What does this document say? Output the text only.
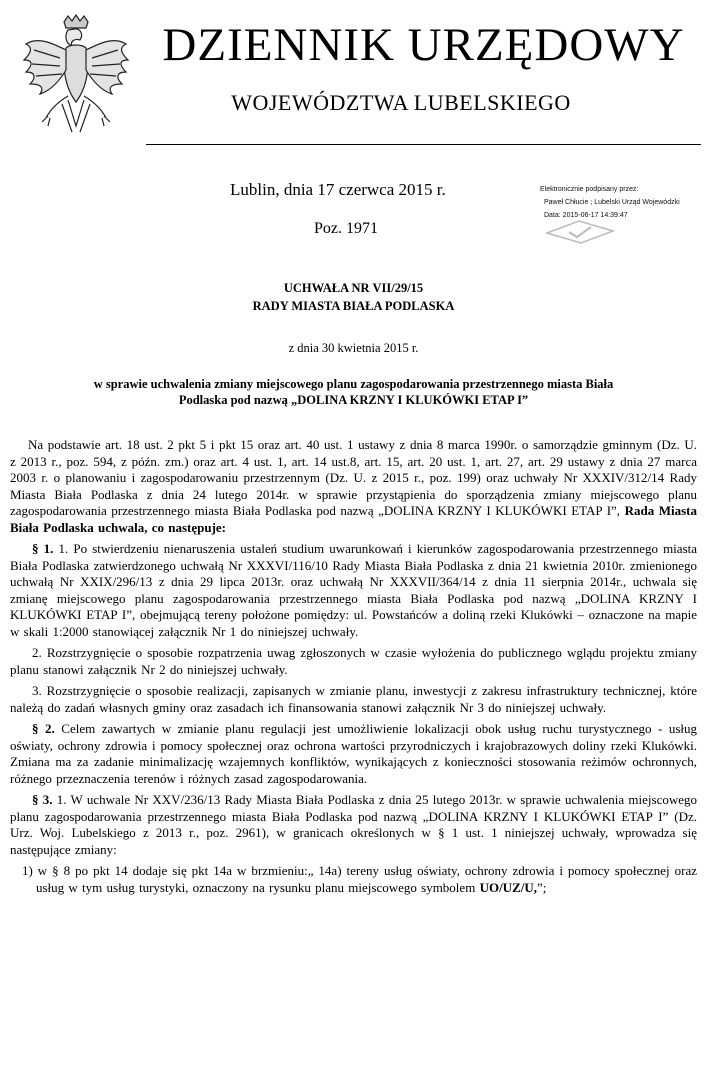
DZIENNIK URZĘDOWY
WOJEWÓDZTWA LUBELSKIEGO
Lublin, dnia 17 czerwca 2015 r.
Poz. 1971
Elektronicznie podpisany przez:
Paweł Chłucie ; Lubelski Urząd Wojewódzki
Data: 2015-06-17 14:39:47
UCHWAŁA NR VII/29/15
RADY MIASTA BIAŁA PODLASKA
z dnia 30 kwietnia 2015 r.
w sprawie uchwalenia zmiany miejscowego planu zagospodarowania przestrzennego miasta Biała
Podlaska pod nazwą „DOLINA KRZNY I KLUKÓWKI ETAP I”

Na podstawie art. 18 ust. 2 pkt 5 i pkt 15 oraz art. 40 ust. 1 ustawy z dnia 8 marca 1990r. o samorządzie gminnym (Dz. U. z 2013 r., poz. 594, z późn. zm.) oraz art. 4 ust. 1, art. 14 ust.8, art. 15, art. 20 ust. 1, art. 27, art. 29 ustawy z dnia 27 marca 2003 r. o planowaniu i zagospodarowaniu przestrzennym (Dz. U. z 2015 r., poz. 199) oraz uchwały Nr XXXIV/312/14 Rady Miasta Biała Podlaska z dnia 24 lutego 2014r. w sprawie przystąpienia do sporządzenia zmiany miejscowego planu zagospodarowania przestrzennego miasta Biała Podlaska pod nazwą „DOLINA KRZNY I KLUKÓWKI ETAP I”, Rada Miasta Biała Podlaska uchwala, co następuje:

§ 1. 1. Po stwierdzeniu nienaruszenia ustaleń studium uwarunkowań i kierunków zagospodarowania przestrzennego miasta Biała Podlaska zatwierdzonego uchwałą Nr XXXVI/116/10 Rady Miasta Biała Podlaska z dnia 21 kwietnia 2010r. zmienionego uchwałą Nr XXIX/296/13 z dnia 29 lipca 2013r. oraz uchwałą Nr XXXVII/364/14 z dnia 11 sierpnia 2014r., uchwala się zmianę miejscowego planu zagospodarowania przestrzennego miasta Biała Podlaska pod nazwą „DOLINA KRZNY I KLUKÓWKI ETAP I”, obejmującą tereny położone pomiędzy: ul. Powstańców a doliną rzeki Klukówki – oznaczone na mapie w skali 1:2000 stanowiącej załącznik Nr 1 do niniejszej uchwały.

2. Rozstrzygnięcie o sposobie rozpatrzenia uwag zgłoszonych w czasie wyłożenia do publicznego wglądu projektu zmiany planu stanowi załącznik Nr 2 do niniejszej uchwały.

3. Rozstrzygnięcie o sposobie realizacji, zapisanych w zmianie planu, inwestycji z zakresu infrastruktury technicznej, które należą do zadań własnych gminy oraz zasadach ich finansowania stanowi załącznik Nr 3 do niniejszej uchwały.

§ 2. Celem zawartych w zmianie planu regulacji jest umożliwienie lokalizacji obok usług ruchu turystycznego - usług oświaty, ochrony zdrowia i pomocy społecznej oraz ochrona wartości przyrodniczych i krajobrazowych doliny rzeki Klukówki. Zmiana ma za zadanie minimalizację wzajemnych konfliktów, wynikających z konieczności stosowania reżimów ochronnych, różnego przeznaczenia terenów i różnych zasad zagospodarowania.

§ 3. 1. W uchwale Nr XXV/236/13 Rady Miasta Biała Podlaska z dnia 25 lutego 2013r. w sprawie uchwalenia miejscowego planu zagospodarowania przestrzennego miasta Biała Podlaska pod nazwą „DOLINA KRZNY I KLUKÓWKI ETAP I” (Dz. Urz. Woj. Lubelskiego z 2013 r., poz. 2961), w granicach określonych w § 1 ust. 1 niniejszej uchwały, wprowadza się następujące zmiany:

1) w § 8 po pkt 14 dodaje się pkt 14a w brzmieniu:„ 14a) tereny usług oświaty, ochrony zdrowia i pomocy społecznej oraz usług w tym usług turystyki, oznaczony na rysunku planu miejscowego symbolem UO/UZ/U,”;
